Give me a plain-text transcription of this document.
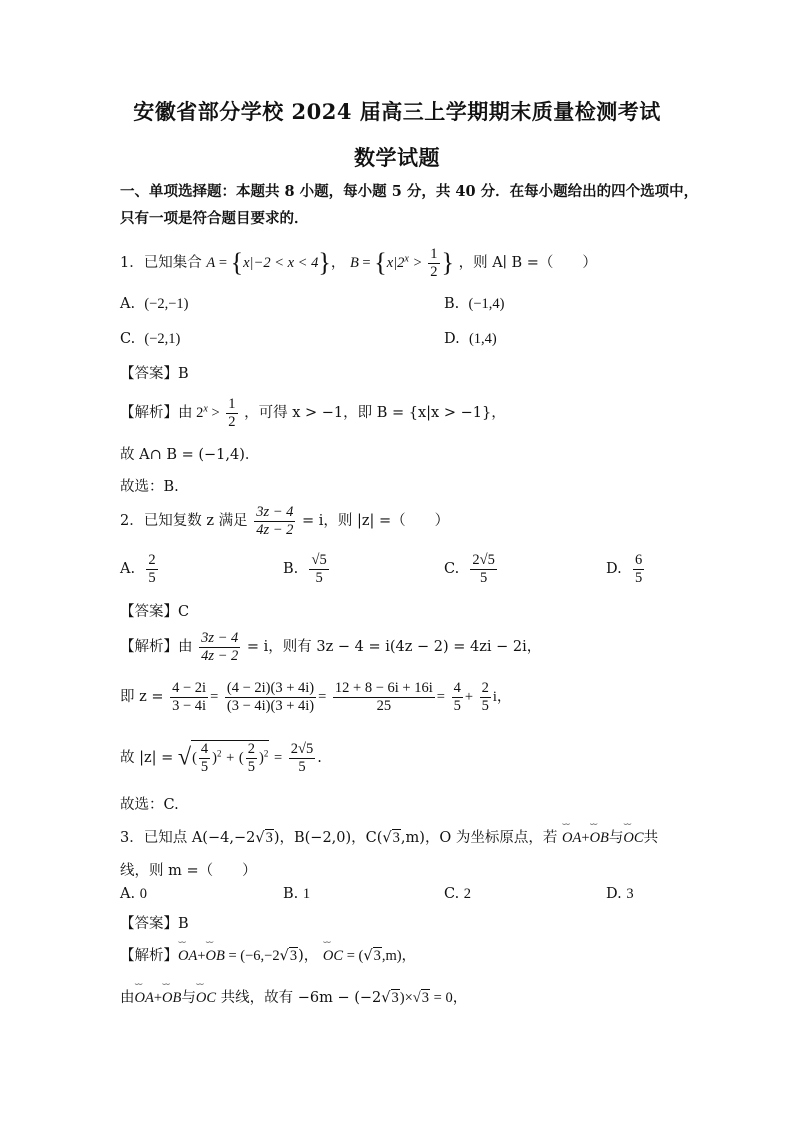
安徽省部分学校 2024 届高三上学期期末质量检测考试
数学试题
一、单项选择题：本题共 8 小题，每小题 5 分，共 40 分．在每小题给出的四个选项中，
只有一项是符合题目要求的．
1．已知集合 A = {x|−2 < x < 4}， $B = \{x|2^x > \frac{1}{2}$ } ，则 A∣ B =（　　）
A. (−2,−1)	B. (−1,4)
C. (−2,1)	D. (1,4)
【答案】B
【解析】由 $2^x > \frac{1}{2}$ ，可得 x > −1，即 B = {x|x > −1}，
故 A∩ B = (−1,4)．
故选：B.
2．已知复数 z 满足 $\frac{3z - 4}{4z - 2} = i$，则 |z| =（　　）
A. $\frac{2}{5}$	B. $\frac{√5}{5}$	C. $\frac{2√5}{5}$	D. $\frac{6}{5}$
【答案】C
【解析】由 $\frac{3z - 4}{4z - 2} = i$，则有 3z − 4 = i(4z − 2) = 4zi − 2i，
即 $z = \frac{4 - 2i}{3 - 4i} = \frac{(4 - 2i)(3 + 4i)}{(3 - 4i)(3 + 4i)} = \frac{12 + 8 - 6i + 16i}{25} = \frac{4}{5} + \frac{2}{5}$ i，
故 |z| = √( $\frac{4}{5} )^2$ + ( $\frac{2}{5} )^2 = \frac{2√5}{5}$ .
故选：C.
3．已知点 A(−4,−2√3)，B(−2,0)，C(√3,m)，O 为坐标原点，若 ⌣⌣ OA+⌣⌣ OB与⌣⌣ OC共
线，则 m =（　　）
A. 0	B. 1	C. 2	D. 3
【答案】B
【解析】⌣⌣ OA+⌣⌣ OB = (−6,−2√3)， ⌣⌣ OC = (√3,m)，
由⌣⌣ OA+⌣⌣ OB与⌣⌣ OC 共线，故有 −6m − (−2√3)×√3 = 0，
